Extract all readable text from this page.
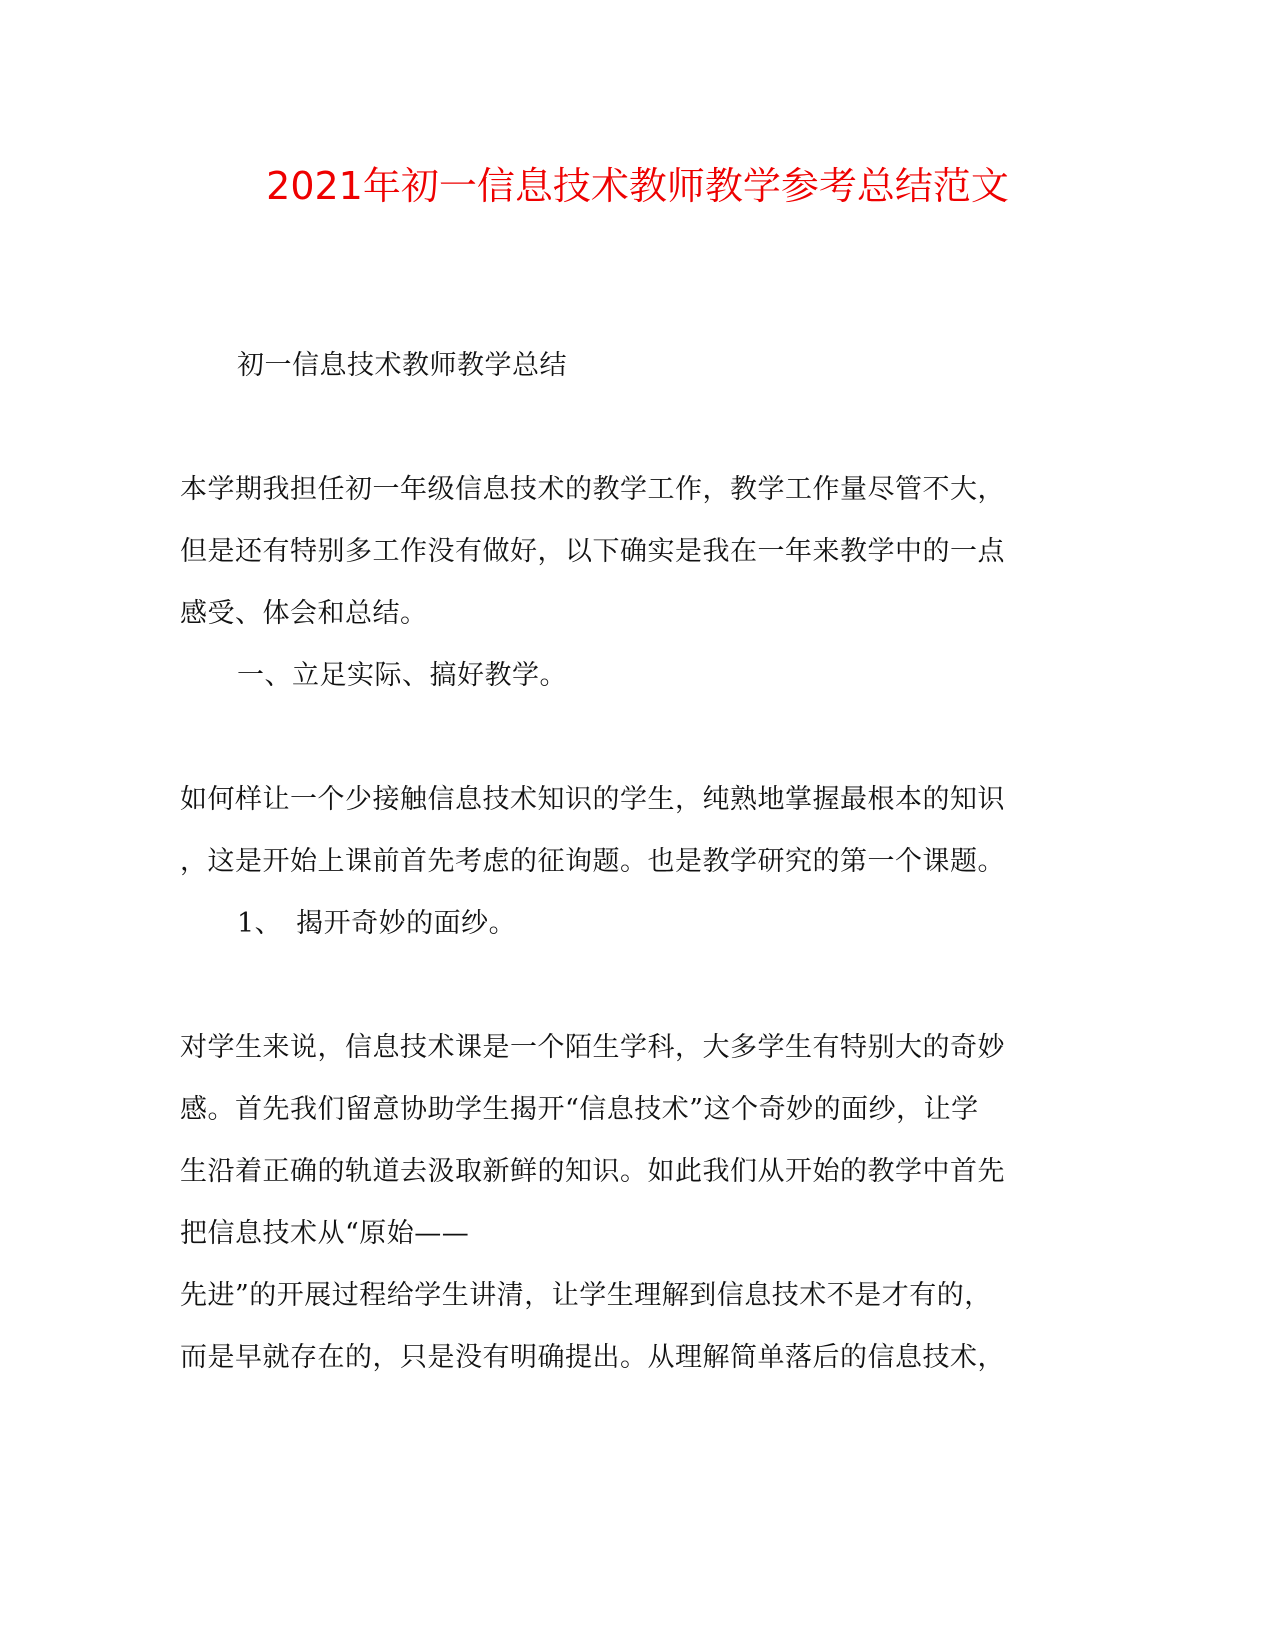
2021年初一信息技术教师教学参考总结范文
初一信息技术教师教学总结
本学期我担任初一年级信息技术的教学工作，教学工作量尽管不大，
但是还有特别多工作没有做好，以下确实是我在一年来教学中的一点
感受、体会和总结。
一、立足实际、搞好教学。
如何样让一个少接触信息技术知识的学生，纯熟地掌握最根本的知识
，这是开始上课前首先考虑的征询题。也是教学研究的第一个课题。
1、　揭开奇妙的面纱。
对学生来说，信息技术课是一个陌生学科，大多学生有特别大的奇妙
感。首先我们留意协助学生揭开“信息技术”这个奇妙的面纱，让学
生沿着正确的轨道去汲取新鲜的知识。如此我们从开始的教学中首先
把信息技术从“原始——
先进”的开展过程给学生讲清，让学生理解到信息技术不是才有的，
而是早就存在的，只是没有明确提出。从理解简单落后的信息技术，
